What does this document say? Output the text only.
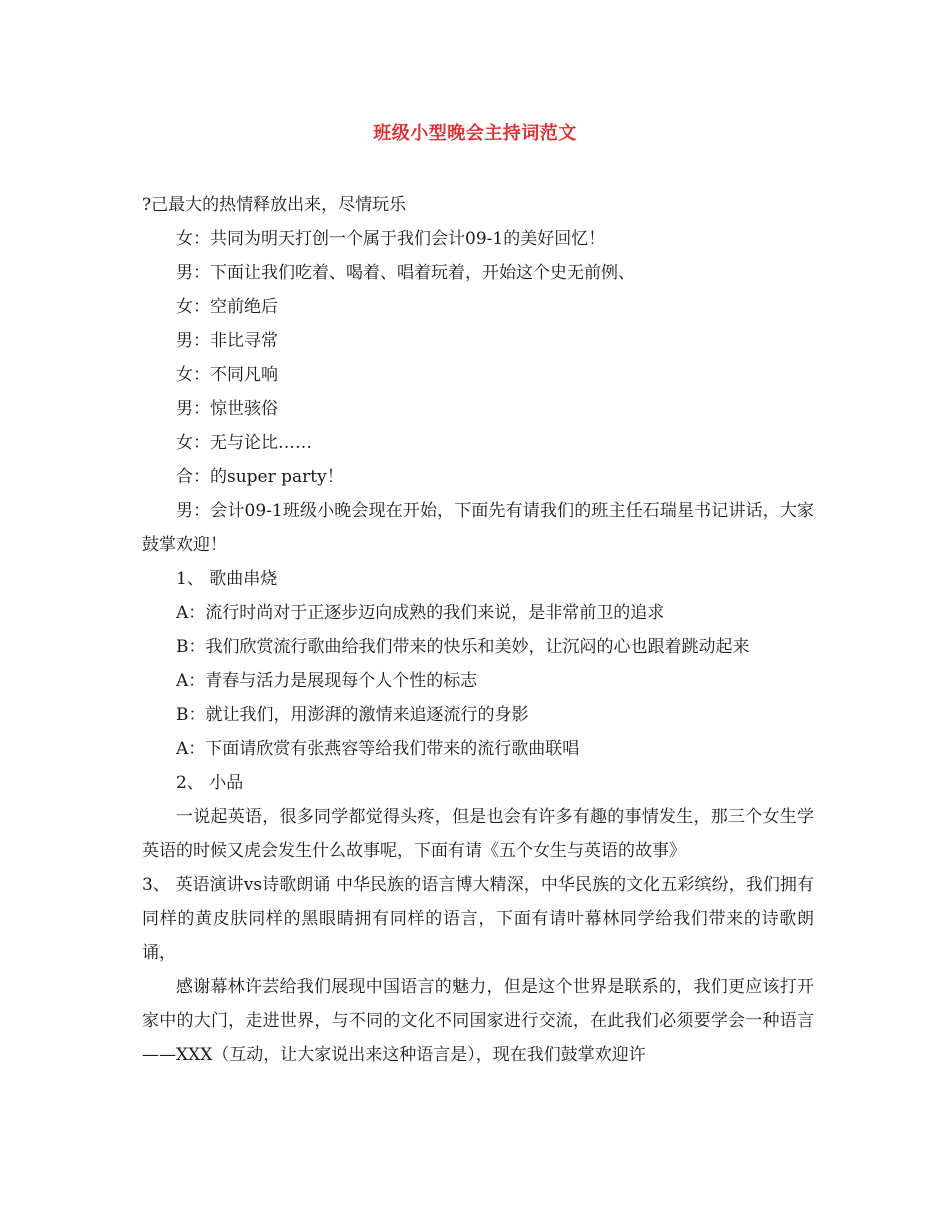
班级小型晚会主持词范文

?己最大的热情释放出来，尽情玩乐

女：共同为明天打创一个属于我们会计09-1的美好回忆！

男：下面让我们吃着、喝着、唱着玩着，开始这个史无前例、

女：空前绝后

男：非比寻常

女：不同凡响

男：惊世骇俗

女：无与论比……

合：的super party！

男：会计09-1班级小晚会现在开始，下面先有请我们的班主任石瑞星书记讲话，大家鼓掌欢迎！

1、 歌曲串烧

A：流行时尚对于正逐步迈向成熟的我们来说，是非常前卫的追求

B：我们欣赏流行歌曲给我们带来的快乐和美妙，让沉闷的心也跟着跳动起来

A：青春与活力是展现每个人个性的标志

B：就让我们，用澎湃的激情来追逐流行的身影

A：下面请欣赏有张燕容等给我们带来的流行歌曲联唱

2、 小品

一说起英语，很多同学都觉得头疼，但是也会有许多有趣的事情发生，那三个女生学英语的时候又虎会发生什么故事呢，下面有请《五个女生与英语的故事》

3、 英语演讲vs诗歌朗诵 中华民族的语言博大精深，中华民族的文化五彩缤纷，我们拥有同样的黄皮肤同样的黑眼睛拥有同样的语言，下面有请叶幕林同学给我们带来的诗歌朗诵，

感谢幕林许芸给我们展现中国语言的魅力，但是这个世界是联系的，我们更应该打开家中的大门，走进世界，与不同的文化不同国家进行交流，在此我们必须要学会一种语言——XXX（互动，让大家说出来这种语言是），现在我们鼓掌欢迎许
